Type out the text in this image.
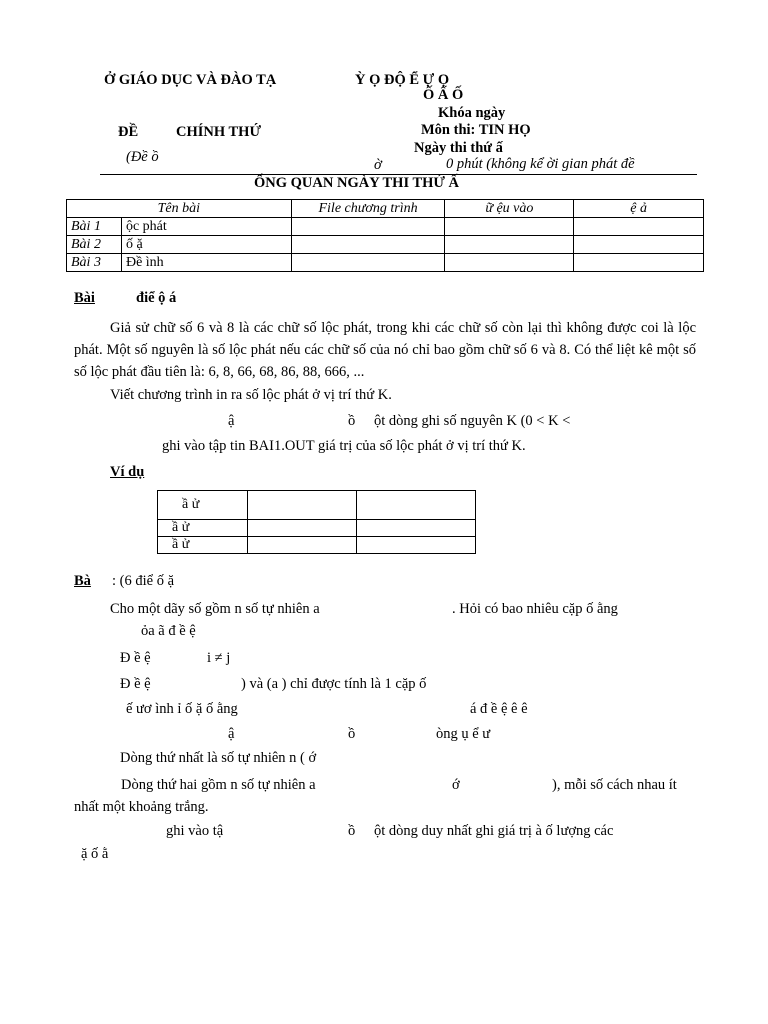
Ở GIÁO DỤC VÀ ĐÀO TẠ	Ỳ Ọ ĐỘ Ể Ự Ọ
Ố Ấ Ố
Khóa ngày
ĐỀ	CHÍNH THỨ	Môn thi: TIN HỌ
Ngày thi thứ ấ
(Đề ồ	ờ	0 phút (không kể ời gian phát đề
ỔNG QUAN NGÀY THI THỨ Ấ
Tên bài		File chương trình	ữ ệu vào	ệ ả
Bài 1	ộc phát			
Bài 2	ố ặ			
Bài 3	Đề ình			
Bài	điể ộ á
Giả sử chữ số 6 và 8 là các chữ số lộc phát, trong khi các chữ số còn lại thì không được coi là lộc phát. Một số nguyên là số lộc phát nếu các chữ số của nó chỉ bao gồm chữ số 6 và 8. Có thể liệt kê một số số lộc phát đầu tiên là: 6, 8, 66, 68, 86, 88, 666, ...
Viết chương trình in ra số lộc phát ở vị trí thứ K.
ậ	ồ ột dòng ghi số nguyên K (0 < K <
ghi vào tập tin BAI1.OUT giá trị của số lộc phát ở vị trí thứ K.
Ví dụ
ầ ử		
ầ ử		
ầ ử		
Bà : (6 điể ố ặ
Cho một dãy số gồm n số tự nhiên a	. Hỏi có bao nhiêu cặp ố ằng
ỏa ã đ ề ệ
Đ ề ệ	i ≠ j
Đ ề ệ	) và (a ) chỉ được tính là 1 cặp ố
ế ươ ình ỉ ố ặ ố ằng	á đ ề ệ ê ê
ậ	ồ	òng ụ ể ư
Dòng thứ nhất là số tự nhiên n ( ớ
Dòng thứ hai gồm n số tự nhiên a	ớ	), mỗi số cách nhau ít
nhất một khoảng trắng.
ghi vào tậ	ồ ột dòng duy nhất ghi giá trị à ố lượng các
ặ ố ằ
